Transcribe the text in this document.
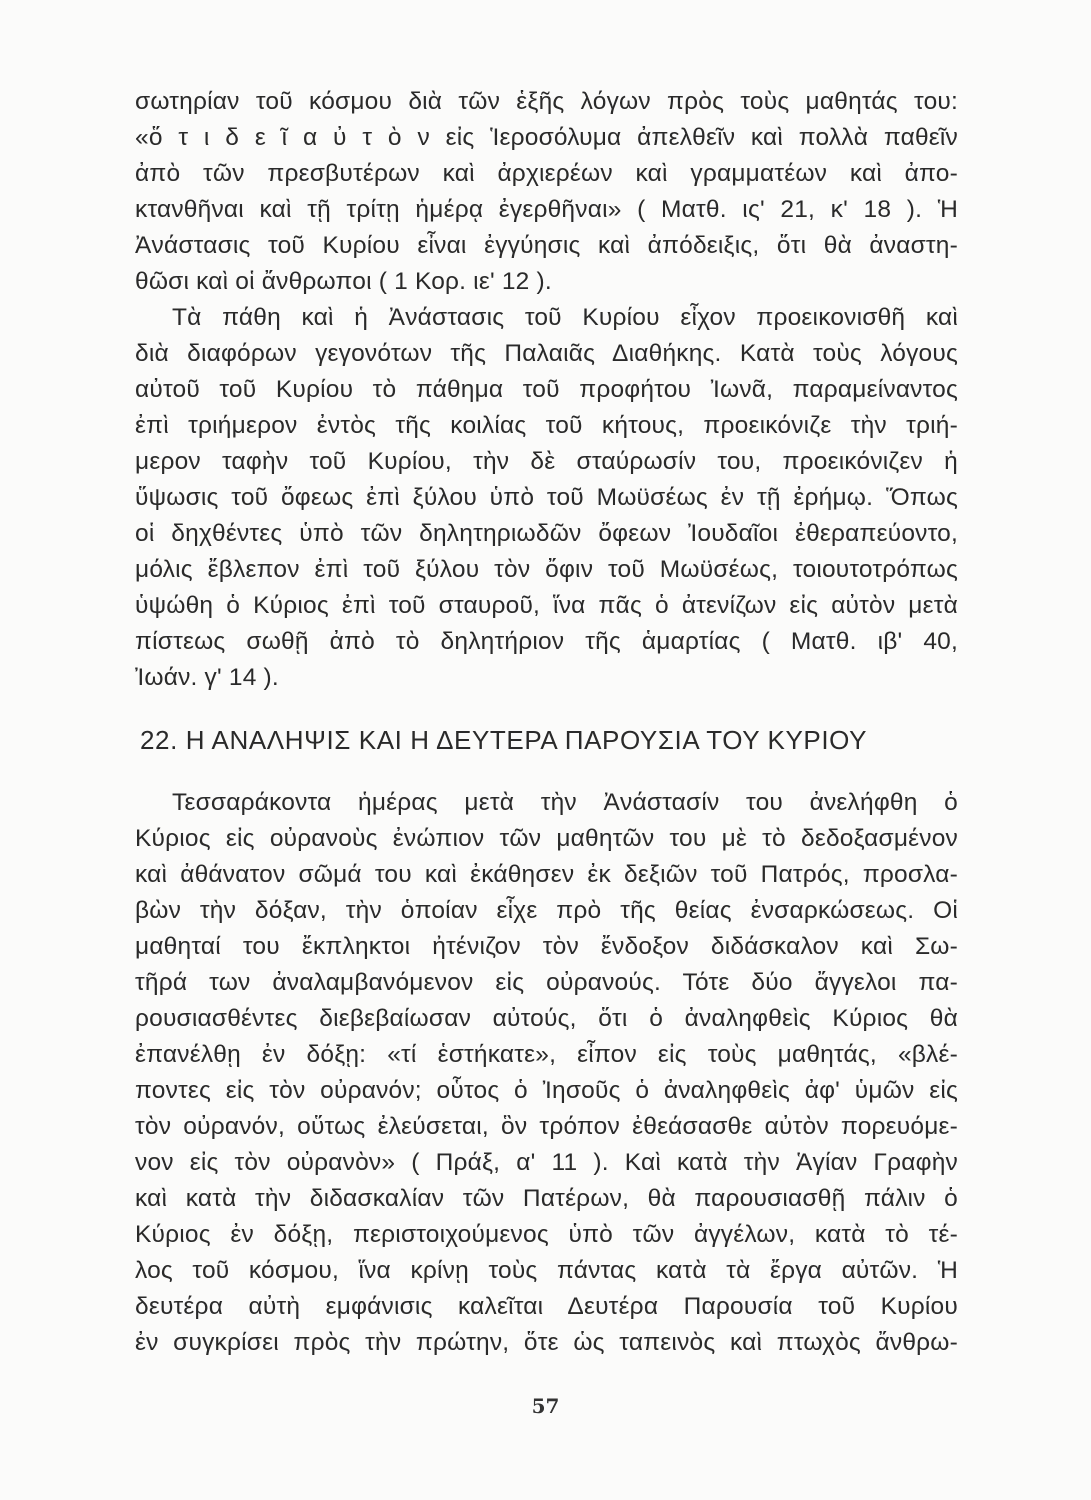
σωτηρίαν τοῦ κόσμου διὰ τῶν ἑξῆς λόγων πρὸς τοὺς μαθητάς του:
«ὅ τ ι δ ε ῖ α ὐ τ ὸ ν εἰς Ἱεροσόλυμα ἀπελθεῖν καὶ πολλὰ παθεῖν
ἀπὸ τῶν πρεσβυτέρων καὶ ἀρχιερέων καὶ γραμματέων καὶ ἀπο-
κτανθῆναι καὶ τῇ τρίτῃ ἡμέρᾳ ἐγερθῆναι» ( Ματθ. ις' 21, κ' 18 ). Ἡ
Ἀνάστασις τοῦ Κυρίου εἶναι ἐγγύησις καὶ ἀπόδειξις, ὅτι θὰ ἀναστη-
θῶσι καὶ οἱ ἄνθρωποι ( 1 Κορ. ιε' 12 ).
Τὰ πάθη καὶ ἡ Ἀνάστασις τοῦ Κυρίου εἶχον προεικονισθῆ καὶ
διὰ διαφόρων γεγονότων τῆς Παλαιᾶς Διαθήκης. Κατὰ τοὺς λόγους
αὐτοῦ τοῦ Κυρίου τὸ πάθημα τοῦ προφήτου Ἰωνᾶ, παραμείναντος
ἐπὶ τριήμερον ἐντὸς τῆς κοιλίας τοῦ κήτους, προεικόνιζε τὴν τριή-
μερον ταφὴν τοῦ Κυρίου, τὴν δὲ σταύρωσίν του, προεικόνιζεν ἡ
ὕψωσις τοῦ ὄφεως ἐπὶ ξύλου ὑπὸ τοῦ Μωϋσέως ἐν τῇ ἐρήμῳ. Ὅπως
οἱ δηχθέντες ὑπὸ τῶν δηλητηριωδῶν ὄφεων Ἰουδαῖοι ἐθεραπεύοντο,
μόλις ἔβλεπον ἐπὶ τοῦ ξύλου τὸν ὄφιν τοῦ Μωϋσέως, τοιουτοτρόπως
ὑψώθη ὁ Κύριος ἐπὶ τοῦ σταυροῦ, ἵνα πᾶς ὁ ἀτενίζων εἰς αὐτὸν μετὰ
πίστεως σωθῇ ἀπὸ τὸ δηλητήριον τῆς ἁμαρτίας ( Ματθ. ιβ' 40,
Ἰωάν. γ' 14 ).
22. Η ΑΝΑΛΗΨΙΣ ΚΑΙ Η ΔΕΥΤΕΡΑ ΠΑΡΟΥΣΙΑ ΤΟΥ ΚΥΡΙΟΥ
Τεσσαράκοντα ἡμέρας μετὰ τὴν Ἀνάστασίν του ἀνελήφθη ὁ
Κύριος εἰς οὐρανοὺς ἐνώπιον τῶν μαθητῶν του μὲ τὸ δεδοξασμένον
καὶ ἀθάνατον σῶμά του καὶ ἐκάθησεν ἐκ δεξιῶν τοῦ Πατρός, προσλα-
βὼν τὴν δόξαν, τὴν ὁποίαν εἶχε πρὸ τῆς θείας ἐνσαρκώσεως. Οἱ
μαθηταί του ἔκπληκτοι ἠτένιζον τὸν ἔνδοξον διδάσκαλον καὶ Σω-
τῆρά των ἀναλαμβανόμενον εἰς οὐρανούς. Τότε δύο ἄγγελοι πα-
ρουσιασθέντες διεβεβαίωσαν αὐτούς, ὅτι ὁ ἀναληφθεὶς Κύριος θὰ
ἐπανέλθῃ ἐν δόξῃ: «τί ἑστήκατε», εἶπον εἰς τοὺς μαθητάς, «βλέ-
ποντες εἰς τὸν οὐρανόν; οὗτος ὁ Ἰησοῦς ὁ ἀναληφθεὶς ἀφ' ὑμῶν εἰς
τὸν οὐρανόν, οὕτως ἐλεύσεται, ὃν τρόπον ἐθεάσασθε αὐτὸν πορευόμε-
νον εἰς τὸν οὐρανὸν» ( Πράξ, α' 11 ). Καὶ κατὰ τὴν Ἁγίαν Γραφὴν
καὶ κατὰ τὴν διδασκαλίαν τῶν Πατέρων, θὰ παρουσιασθῇ πάλιν ὁ
Κύριος ἐν δόξῃ, περιστοιχούμενος ὑπὸ τῶν ἀγγέλων, κατὰ τὸ τέ-
λος τοῦ κόσμου, ἵνα κρίνῃ τοὺς πάντας κατὰ τὰ ἔργα αὐτῶν. Ἡ
δευτέρα αὐτὴ εμφάνισις καλεῖται Δευτέρα Παρουσία τοῦ Κυρίου
ἐν συγκρίσει πρὸς τὴν πρώτην, ὅτε ὡς ταπεινὸς καὶ πτωχὸς ἄνθρω-
57
